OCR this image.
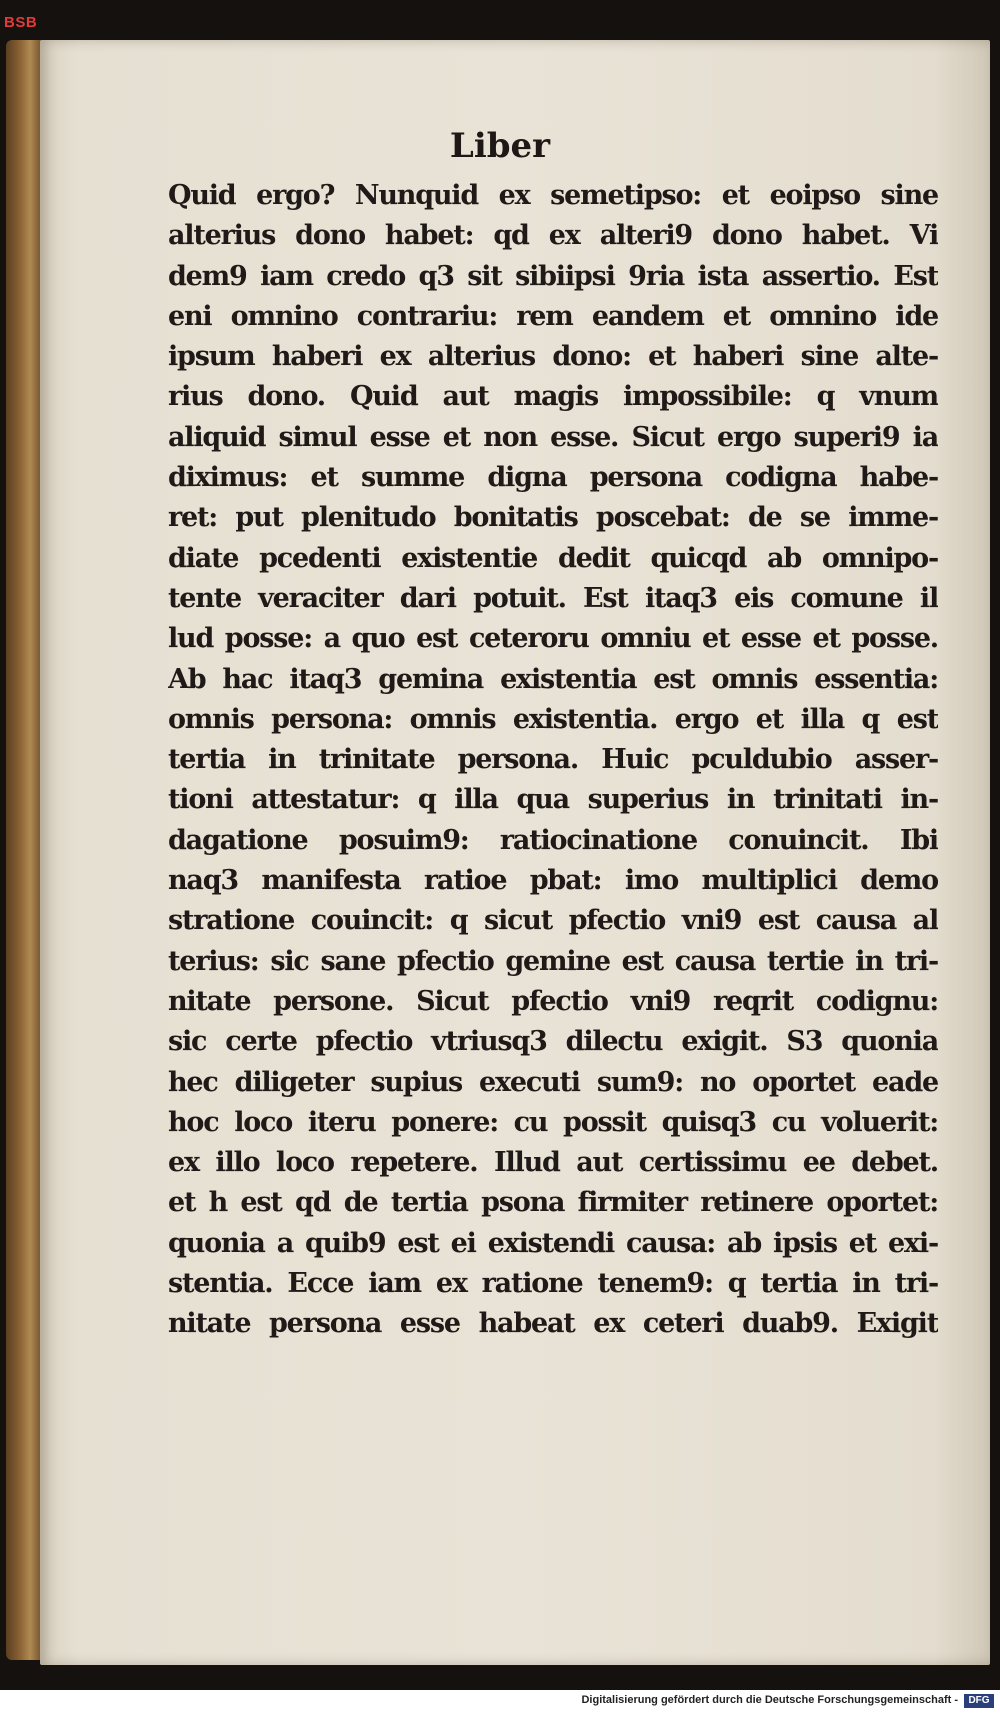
BSB
Liber
Quid ergo? Nunquid ex semetipso: et eoipso sine
alterius dono habet: qd ex alteri9 dono habet. Vi
dem9 iam credo q3 sit sibiipsi 9ria ista assertio. Est
eni omnino contrariu: rem eandem et omnino ide
ipsum haberi ex alterius dono: et haberi sine alte-
rius dono. Quid aut magis impossibile: q vnum
aliquid simul esse et non esse. Sicut ergo superi9 ia
diximus: et summe digna persona codigna habe-
ret: put plenitudo bonitatis poscebat: de se imme-
diate pcedenti existentie dedit quicqd ab omnipo-
tente veraciter dari potuit. Est itaq3 eis comune il
lud posse: a quo est ceteroru omniu et esse et posse.
Ab hac itaq3 gemina existentia est omnis essentia:
omnis persona: omnis existentia. ergo et illa q est
tertia in trinitate persona. Huic pculdubio asser-
tioni attestatur: q illa qua superius in trinitati in-
dagatione posuim9: ratiocinatione conuincit. Ibi
naq3 manifesta ratioe pbat: imo multiplici demo
stratione couincit: q sicut pfectio vni9 est causa al
terius: sic sane pfectio gemine est causa tertie in tri-
nitate persone. Sicut pfectio vni9 reqrit codignu:
sic certe pfectio vtriusq3 dilectu exigit. S3 quonia
hec diligeter supius executi sum9: no oportet eade
hoc loco iteru ponere: cu possit quisq3 cu voluerit:
ex illo loco repetere. Illud aut certissimu ee debet.
et h est qd de tertia psona firmiter retinere oportet:
quonia a quib9 est ei existendi causa: ab ipsis et exi-
stentia. Ecce iam ex ratione tenem9: q tertia in tri-
nitate persona esse habeat ex ceteri duab9. Exigit
Digitalisierung gefördert durch die Deutsche Forschungsgemeinschaft -	DFG
